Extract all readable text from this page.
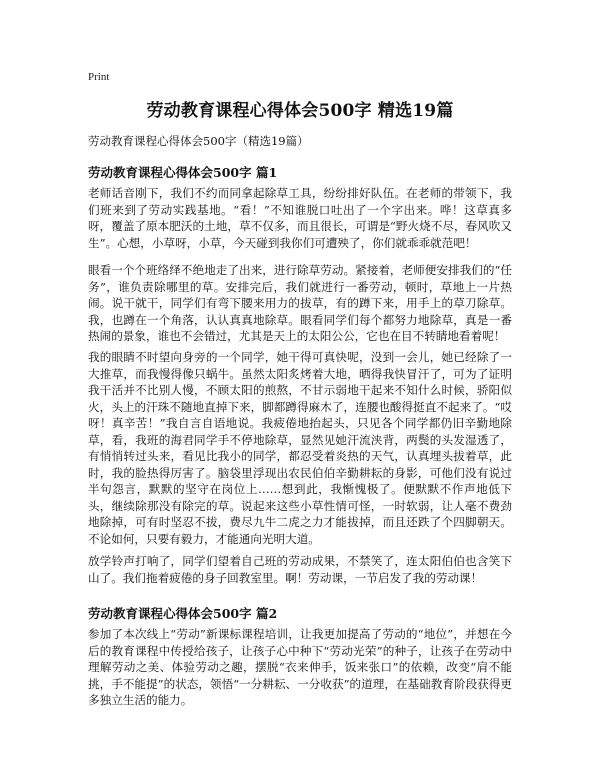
Print
劳动教育课程心得体会500字 精选19篇
劳动教育课程心得体会500字（精选19篇）
劳动教育课程心得体会500字 篇1

老师话音刚下，我们不约而同拿起除草工具，纷纷排好队伍。在老师的带领下，我们班来到了劳动实践基地。“看！”不知谁脱口吐出了一个字出来。哗！这草真多呀，覆盖了原本肥沃的土地，草不仅多，而且很长，可谓是“野火烧不尽，春风吹又生”。心想，小草呀，小草，今天碰到我你们可遭殃了，你们就乖乖就范吧！

眼看一个个班络绎不绝地走了出来，进行除草劳动。紧接着，老师便安排我们的“任务”，谁负责除哪里的草。安排完后，我们就进行一番劳动，顿时，草地上一片热闹。说干就干，同学们有弯下腰来用力的拔草，有的蹲下来，用手上的草刀除草。我，也蹲在一个角落，认认真真地除草。眼看同学们每个都努力地除草，真是一番热闹的景象，谁也不会错过，尤其是天上的太阳公公，它也在目不转睛地看着呢！

我的眼睛不时望向身旁的一个同学，她干得可真快呢，没到一会儿，她已经除了一大推草，而我慢得像只蜗牛。虽然太阳炙烤着大地，晒得我快冒汗了，可为了证明我干活并不比别人慢，不顾太阳的煎熬，不甘示弱地干起来不知什么时候，骄阳似火，头上的汗珠不随地直掉下来，脚都蹲得麻木了，连腰也酸得挺直不起来了。“哎呀！真辛苦！”我自言自语地说。我疲倦地抬起头，只见各个同学都仍旧辛勤地除草，看，我班的海君同学手不停地除草，显然见她汗流浃背，两鬓的头发湿透了，有悄悄转过头来，看见比我小的同学，都忍受着炎热的天气，认真埋头拔着草，此时，我的脸热得厉害了。脑袋里浮现出农民伯伯辛勤耕耘的身影，可他们没有说过半句怨言，默默的坚守在岗位上……想到此，我惭愧极了。便默默不作声地低下头，继续除那没有除完的草。说起来这些小草性情可怪，一时软弱，让人毫不费劲地除掉，可有时坚忍不拔，费尽九牛二虎之力才能拔掉，而且还跌了个四脚朝天。不论如何，只要有毅力，才能通向光明大道。

放学铃声打响了，同学们望着自己班的劳动成果，不禁笑了，连太阳伯伯也含笑下山了。我们拖着疲倦的身子回教室里。啊！劳动课，一节启发了我的劳动课！

劳动教育课程心得体会500字 篇2

参加了本次线上“劳动”新课标课程培训，让我更加提高了劳动的“地位”，并想在今后的教育课程中传授给孩子，让孩子心中种下“劳动光荣”的种子，让孩子在劳动中理解劳动之美、体验劳动之趣，摆脱“衣来伸手，饭来张口”的依赖，改变“肩不能挑，手不能提”的状态，领悟“一分耕耘、一分收获”的道理，在基础教育阶段获得更多独立生活的能力。
